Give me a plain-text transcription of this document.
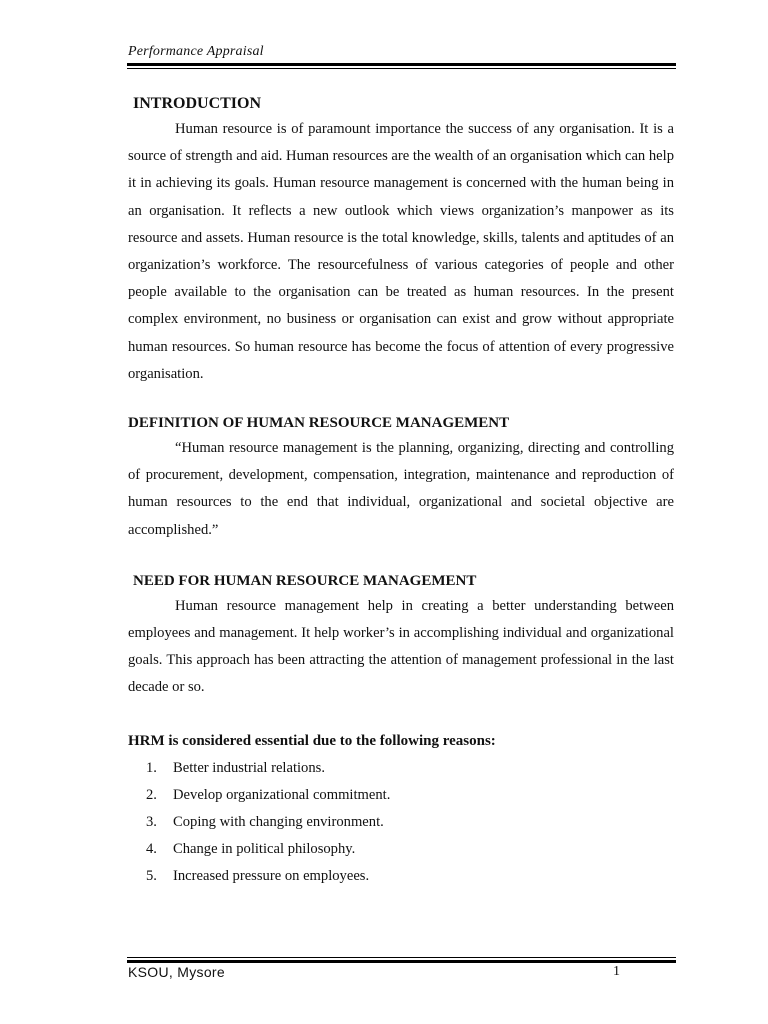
Performance Appraisal
INTRODUCTION

Human resource is of paramount importance the success of any organisation. It is a source of strength and aid. Human resources are the wealth of an organisation which can help it in achieving its goals. Human resource management is concerned with the human being in an organisation. It reflects a new outlook which views organization’s manpower as its resource and assets. Human resource is the total knowledge, skills, talents and aptitudes of an organization’s workforce. The resourcefulness of various categories of people and other people available to the organisation can be treated as human resources. In the present complex environment, no business or organisation can exist and grow without appropriate human resources. So human resource has become the focus of attention of every progressive organisation.

DEFINITION OF HUMAN RESOURCE MANAGEMENT

“Human resource management is the planning, organizing, directing and controlling of procurement, development, compensation, integration, maintenance and reproduction of human resources to the end that individual, organizational and societal objective are accomplished.”

NEED FOR HUMAN RESOURCE MANAGEMENT

Human resource management help in creating a better understanding between employees and management. It help worker’s in accomplishing individual and organizational goals. This approach has been attracting the attention of management professional in the last decade or so.

HRM is considered essential due to the following reasons:
1.	Better industrial relations.
2.	Develop organizational commitment.
3.	Coping with changing environment.
4.	Change in political philosophy.
5.	Increased pressure on employees.
KSOU, Mysore	1
